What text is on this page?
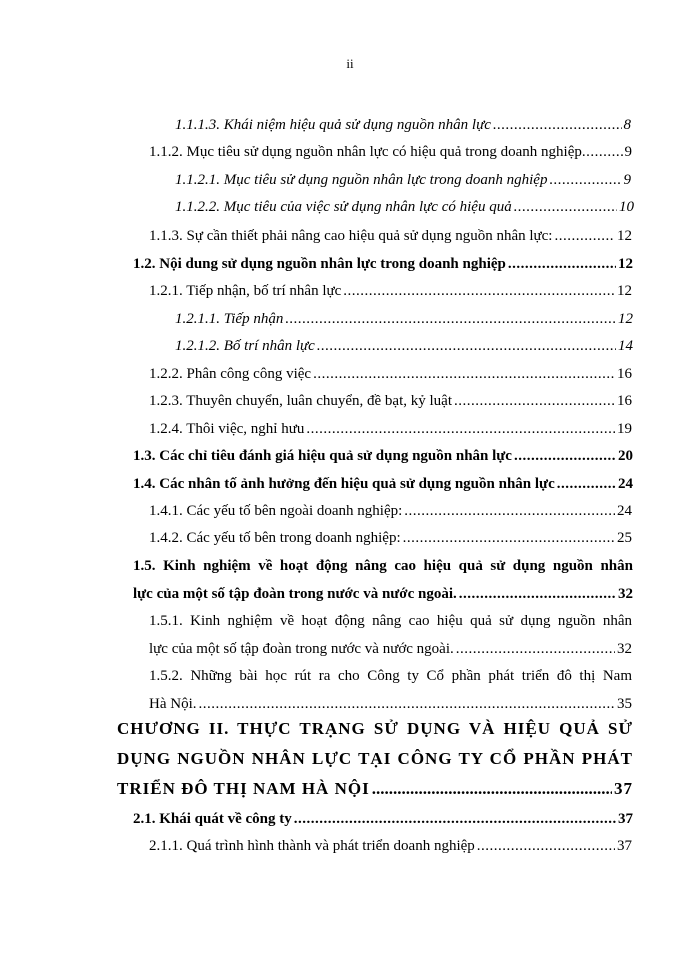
ii
1.1.1.3. Khái niệm hiệu quả sử dụng nguồn nhân lực .....	8
1.1.2. Mục tiêu sử dụng nguồn nhân lực có hiệu quả trong doanh nghiệp .....	9
1.1.2.1. Mục tiêu sử dụng nguồn nhân lực trong doanh nghiệp .....	9
1.1.2.2. Mục tiêu của việc sử dụng nhân lực có hiệu quả .....	10
1.1.3. Sự cần thiết phải nâng cao hiệu quả sử dụng nguồn nhân lực: .....	12
1.2. Nội dung sử dụng nguồn nhân lực trong doanh nghiệp .....	12
1.2.1. Tiếp nhận, bố trí nhân lực .....	12
1.2.1.1. Tiếp nhận .....	12
1.2.1.2. Bố trí nhân lực .....	14
1.2.2. Phân công công việc .....	16
1.2.3. Thuyên chuyển, luân chuyển, đề bạt, kỷ luật .....	16
1.2.4. Thôi việc, nghỉ hưu .....	19
1.3. Các chỉ tiêu đánh giá hiệu quả sử dụng nguồn nhân lực .....	20
1.4. Các nhân tố ảnh hưởng đến hiệu quả sử dụng nguồn nhân lực .....	24
1.4.1. Các yếu tố bên ngoài doanh nghiệp: .....	24
1.4.2. Các yếu tố bên trong doanh nghiệp: .....	25
1.5. Kinh nghiệm về hoạt động nâng cao hiệu quả sử dụng nguồn nhân
lực của một số tập đoàn trong nước và nước ngoài. .....	32
1.5.1. Kinh nghiệm về hoạt động nâng cao hiệu quả sử dụng nguồn nhân
lực của một số tập đoàn trong nước và nước ngoài. .....	32
1.5.2. Những bài học rút ra cho Công ty Cổ phần phát triển đô thị Nam
Hà Nội. .....	35
CHƯƠNG II. THỰC TRẠNG SỬ DỤNG VÀ HIỆU QUẢ SỬ
DỤNG NGUỒN NHÂN LỰC TẠI CÔNG TY CỔ PHẦN PHÁT
TRIỂN ĐÔ THỊ NAM HÀ NỘI .....	37
2.1. Khái quát về công ty .....	37
2.1.1. Quá trình hình thành và phát triển doanh nghiệp .....	37
